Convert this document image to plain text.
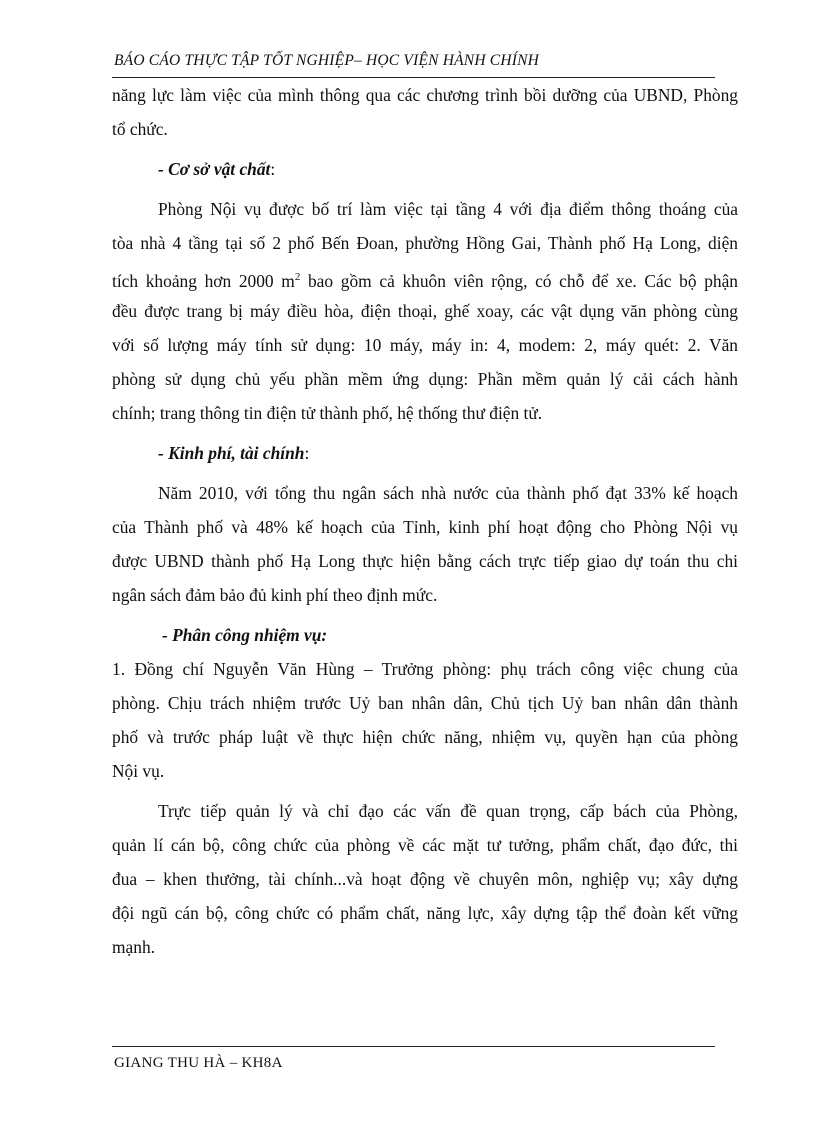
BÁO CÁO THỰC TẬP TỐT NGHIỆP– HỌC VIỆN HÀNH CHÍNH
năng lực làm việc của mình thông qua các chương trình bồi dưỡng của UBND, Phòng
tổ chức.
- Cơ sở vật chất:
Phòng Nội vụ được bố trí làm việc tại tầng 4 với địa điểm thông thoáng của
tòa nhà 4 tầng tại số 2 phố Bến Đoan, phường Hồng Gai, Thành phố Hạ Long, diện
tích khoảng hơn 2000 $m^2$ bao gồm cả khuôn viên rộng, có chỗ để xe. Các bộ phận
đều được trang bị máy điều hòa, điện thoại, ghế xoay, các vật dụng văn phòng cùng
với số lượng máy tính sử dụng: 10 máy, máy in: 4, modem: 2, máy quét: 2. Văn
phòng sử dụng chủ yếu phần mềm ứng dụng: Phần mềm quản lý cải cách hành
chính; trang thông tin điện tử thành phố, hệ thống thư điện tử.
- Kinh phí, tài chính:
Năm 2010, với tổng thu ngân sách nhà nước của thành phố đạt 33% kế hoạch
của Thành phố và 48% kế hoạch của Tỉnh, kinh phí hoạt động cho Phòng Nội vụ
được UBND thành phố Hạ Long thực hiện bằng cách trực tiếp giao dự toán thu chi
ngân sách đảm bảo đủ kinh phí theo định mức.
- Phân công nhiệm vụ:
1. Đồng chí Nguyễn Văn Hùng – Trưởng phòng: phụ trách công việc chung của
phòng. Chịu trách nhiệm trước Uỷ ban nhân dân, Chủ tịch Uỷ ban nhân dân thành
phố và trước pháp luật về thực hiện chức năng, nhiệm vụ, quyền hạn của phòng
Nội vụ.
Trực tiếp quản lý và chỉ đạo các vấn đề quan trọng, cấp bách của Phòng,
quản lí cán bộ, công chức của phòng về các mặt tư tưởng, phẩm chất, đạo đức, thi
đua – khen thưởng, tài chính...và hoạt động về chuyên môn, nghiệp vụ; xây dựng
đội ngũ cán bộ, công chức có phẩm chất, năng lực, xây dựng tập thể đoàn kết vững
mạnh.
GIANG THU HÀ – KH8A
